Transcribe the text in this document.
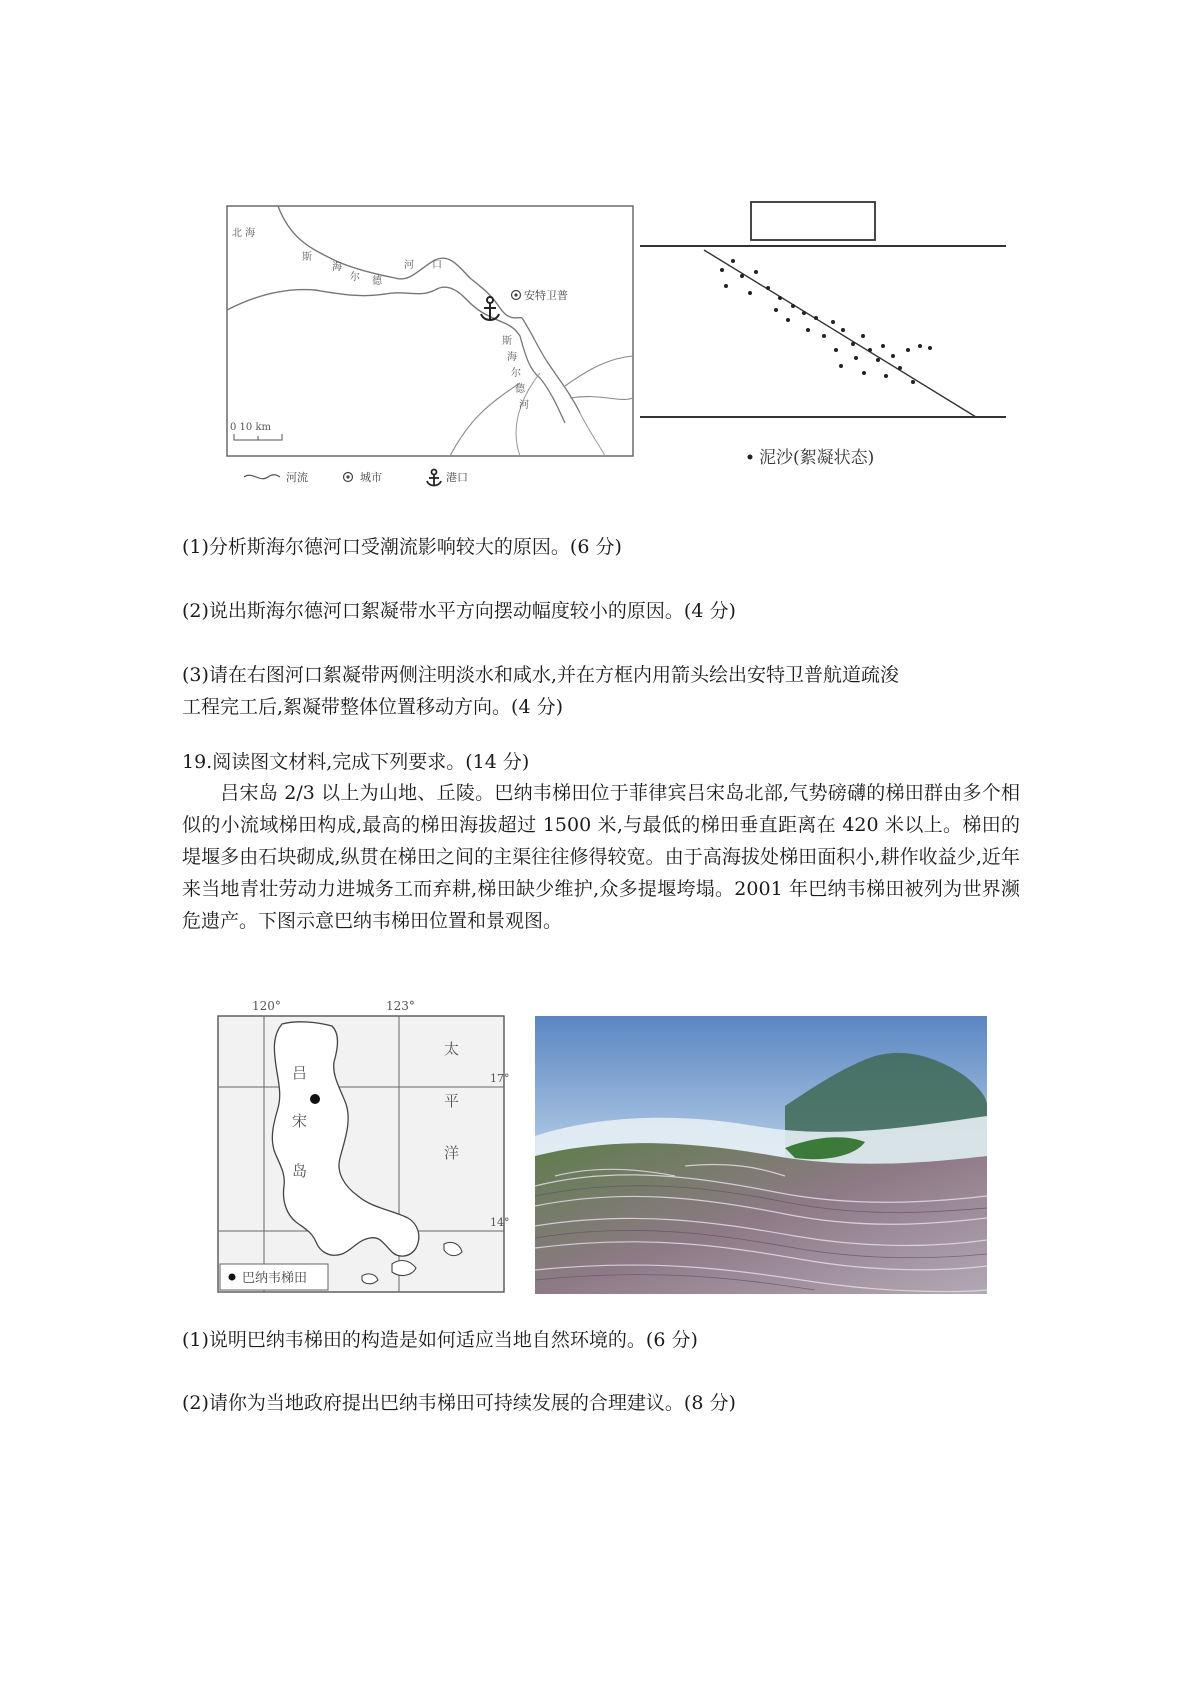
北 海
斯
海
尔 德
河 口
斯
海
尔
德
河
安特卫普
0 10 km
河流	城市	港口
泥沙(絮凝状态)
(1)分析斯海尔德河口受潮流影响较大的原因。(6 分)
(2)说出斯海尔德河口絮凝带水平方向摆动幅度较小的原因。(4 分)
(3)请在右图河口絮凝带两侧注明淡水和咸水,并在方框内用箭头绘出安特卫普航道疏浚
工程完工后,絮凝带整体位置移动方向。(4 分)
19.阅读图文材料,完成下列要求。(14 分)
吕宋岛 2/3 以上为山地、丘陵。巴纳韦梯田位于菲律宾吕宋岛北部,气势磅礴的梯田群由多个相似的小流域梯田构成,最高的梯田海拔超过 1500 米,与最低的梯田垂直距离在 420 米以上。梯田的堤堰多由石块砌成,纵贯在梯田之间的主渠往往修得较宽。由于高海拔处梯田面积小,耕作收益少,近年来当地青壮劳动力进城务工而弃耕,梯田缺少维护,众多提堰垮塌。2001 年巴纳韦梯田被列为世界濒危遗产。下图示意巴纳韦梯田位置和景观图。
120°	123°
17°
14°
吕
宋
岛
太
平
洋
巴纳韦梯田
(1)说明巴纳韦梯田的构造是如何适应当地自然环境的。(6 分)
(2)请你为当地政府提出巴纳韦梯田可持续发展的合理建议。(8 分)
